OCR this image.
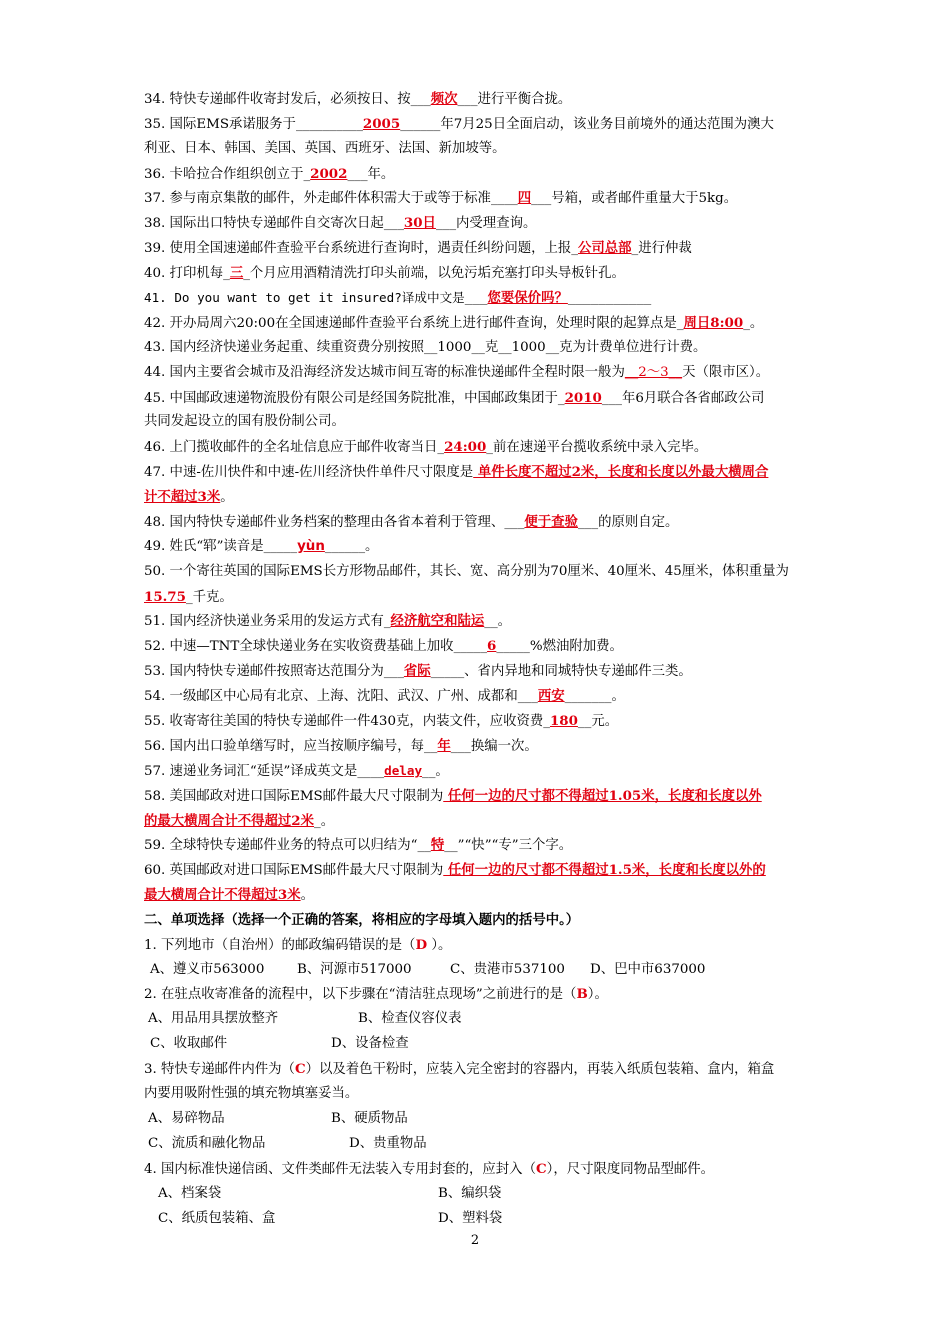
34. 特快专递邮件收寄封发后，必须按日、按___频次___进行平衡合拢。
35. 国际EMS承诺服务于__________2005______年7月25日全面启动，该业务目前境外的通达范围为澳大
利亚、日本、韩国、美国、英国、西班牙、法国、新加坡等。
36. 卡哈拉合作组织创立于_2002___年。
37. 参与南京集散的邮件，外走邮件体积需大于或等于标准____四___号箱，或者邮件重量大于5kg。
38. 国际出口特快专递邮件自交寄次日起___30日___内受理查询。
39. 使用全国速递邮件查验平台系统进行查询时，遇责任纠纷问题，上报_公司总部_进行仲裁
40. 打印机每_三_个月应用酒精清洗打印头前端，以免污垢充塞打印头导板针孔。
41. Do you want to get it insured?译成中文是___您要保价吗？___________
42. 开办局周六20:00在全国速递邮件查验平台系统上进行邮件查询，处理时限的起算点是_周日8:00_。
43. 国内经济快递业务起重、续重资费分别按照__1000__克__1000__克为计费单位进行计费。
44. 国内主要省会城市及沿海经济发达城市间互寄的标准快递邮件全程时限一般为__2～3__天（限市区）。
45. 中国邮政速递物流股份有限公司是经国务院批准，中国邮政集团于_2010___年6月联合各省邮政公司
共同发起设立的国有股份制公司。
46. 上门揽收邮件的全名址信息应于邮件收寄当日_24:00_前在速递平台揽收系统中录入完毕。
47. 中速-佐川快件和中速-佐川经济快件单件尺寸限度是 单件长度不超过2米，长度和长度以外最大横周合
计不超过3米。
48. 国内特快专递邮件业务档案的整理由各省本着利于管理、___便于查验___的原则自定。
49. 姓氏“郓”读音是_____yùn______。
50. 一个寄往英国的国际EMS长方形物品邮件，其长、宽、高分别为70厘米、40厘米、45厘米，体积重量为
15.75_千克。
51. 国内经济快递业务采用的发运方式有_经济航空和陆运__。
52. 中速—TNT全球快递业务在实收资费基础上加收_____6_____%燃油附加费。
53. 国内特快专递邮件按照寄达范围分为___省际_____、省内异地和同城特快专递邮件三类。
54. 一级邮区中心局有北京、上海、沈阳、武汉、广州、成都和___西安_______。
55. 收寄寄往美国的特快专递邮件一件430克，内装文件，应收资费_180__元。
56. 国内出口验单缮写时，应当按顺序编号，每__年___换编一次。
57. 速递业务词汇“延误”译成英文是____delay__。
58. 美国邮政对进口国际EMS邮件最大尺寸限制为 任何一边的尺寸都不得超过1.05米，长度和长度以外
的最大横周合计不得超过2米_。
59. 全球特快专递邮件业务的特点可以归结为“__特__”“快”“专”三个字。
60. 英国邮政对进口国际EMS邮件最大尺寸限制为 任何一边的尺寸都不得超过1.5米，长度和长度以外的
最大横周合计不得超过3米。
二、单项选择（选择一个正确的答案，将相应的字母填入题内的括号中。）
1. 下列地市（自治州）的邮政编码错误的是（D ）。
A、遵义市563000 B、河源市517000	C、贵港市537100 D、巴中市637000
2. 在驻点收寄准备的流程中，以下步骤在“清洁驻点现场”之前进行的是（B）。
A、用品用具摆放整齐	B、检查仪容仪表
C、收取邮件	D、设备检查
3. 特快专递邮件内件为（C）以及着色干粉时，应装入完全密封的容器内，再装入纸质包装箱、盒内，箱盒
内要用吸附性强的填充物填塞妥当。
A、易碎物品	B、硬质物品
C、流质和融化物品	D、贵重物品
4. 国内标准快递信函、文件类邮件无法装入专用封套的，应封入（C），尺寸限度同物品型邮件。
A、档案袋	B、编织袋
C、纸质包装箱、盒	D、塑料袋
2
